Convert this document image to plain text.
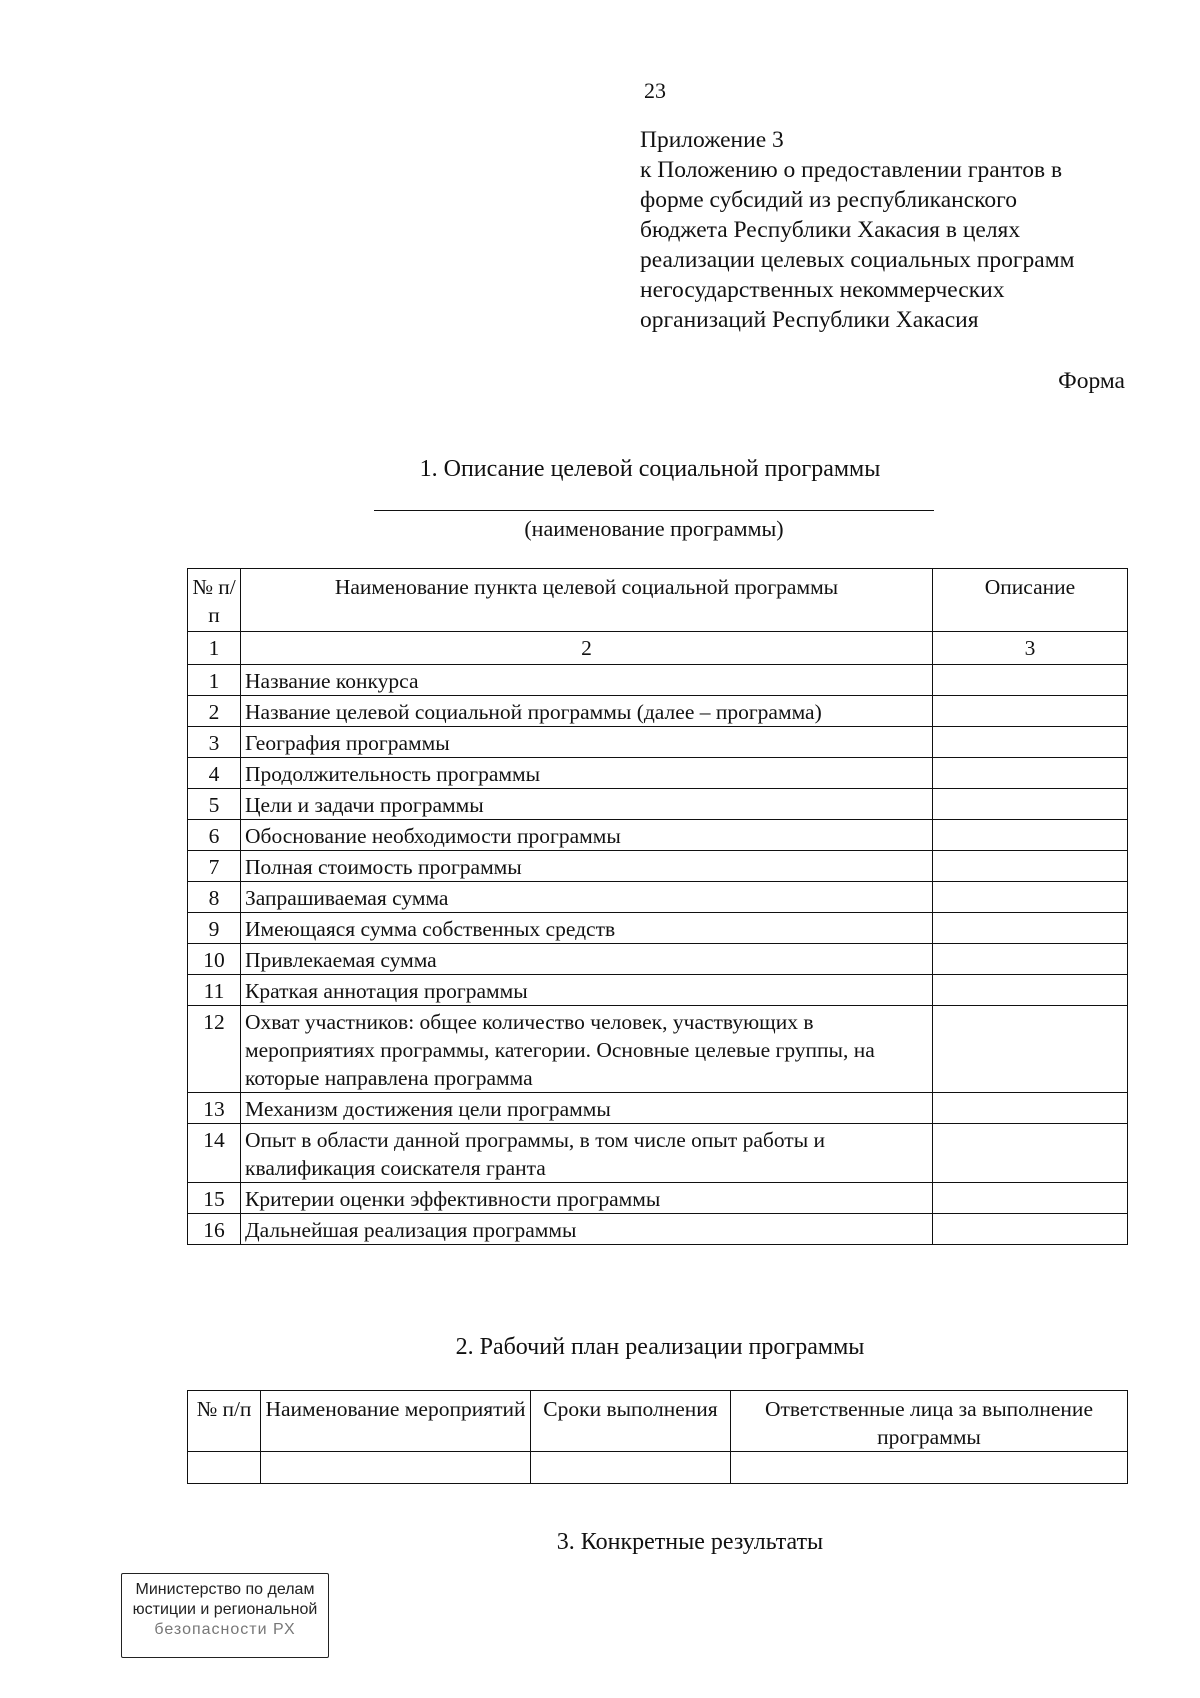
23
Приложение 3
к Положению о предоставлении грантов в
форме субсидий из республиканского
бюджета Республики Хакасия в целях
реализации целевых социальных программ
негосударственных некоммерческих
организаций Республики Хакасия
Форма
1. Описание целевой социальной программы
(наименование программы)
№ п/п	Наименование пункта целевой социальной программы	Описание
1	2	3
1	Название конкурса	
2	Название целевой социальной программы (далее – программа)	
3	География программы	
4	Продолжительность программы	
5	Цели и задачи программы	
6	Обоснование необходимости программы	
7	Полная стоимость программы	
8	Запрашиваемая сумма	
9	Имеющаяся сумма собственных средств	
10	Привлекаемая сумма	
11	Краткая аннотация программы	
12	Охват участников: общее количество человек, участвующих в мероприятиях программы, категории. Основные целевые группы, на которые направлена программа	
13	Механизм достижения цели программы	
14	Опыт в области данной программы, в том числе опыт работы и квалификация соискателя гранта	
15	Критерии оценки эффективности программы	
16	Дальнейшая реализация программы	
2. Рабочий план реализации программы
№ п/п	Наименование мероприятий	Сроки выполнения	Ответственные лица за выполнение программы

3. Конкретные результаты
Министерство по делам
юстиции и региональной
безопасности РХ
